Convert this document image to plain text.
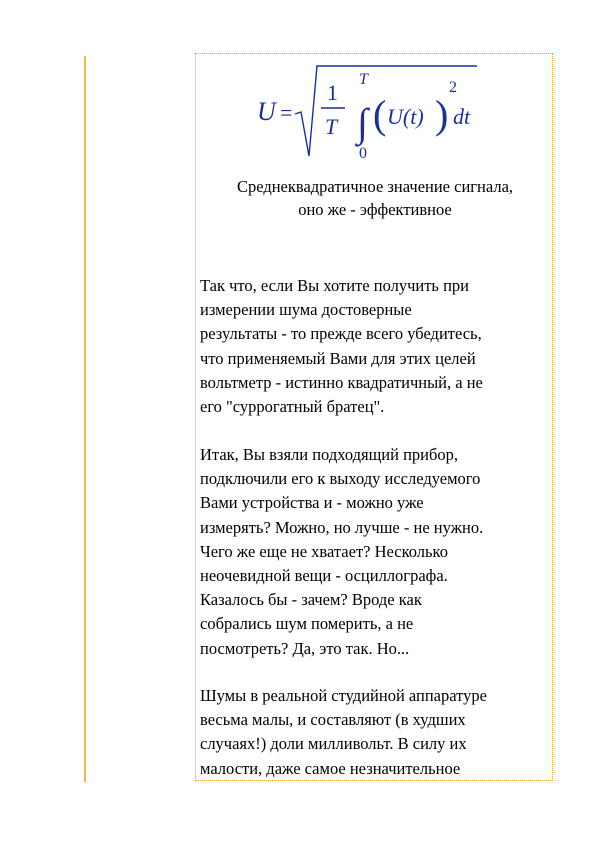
U =
1
T
T
∫
0
( U(t) )
2
dt
Среднеквадратичное значение сигнала,
оно же - эффективное
Так что, если Вы хотите получить при
измерении шума достоверные
результаты - то прежде всего убедитесь,
что применяемый Вами для этих целей
вольтметр - истинно квадратичный, а не
его "суррогатный братец".
Итак, Вы взяли подходящий прибор,
подключили его к выходу исследуемого
Вами устройства и - можно уже
измерять? Можно, но лучше - не нужно.
Чего же еще не хватает? Несколько
неочевидной вещи - осциллографа.
Казалось бы - зачем? Вроде как
собрались шум померить, а не
посмотреть? Да, это так. Но...
Шумы в реальной студийной аппаратуре
весьма малы, и составляют (в худших
случаях!) доли милливольт. В силу их
малости, даже самое незначительное
